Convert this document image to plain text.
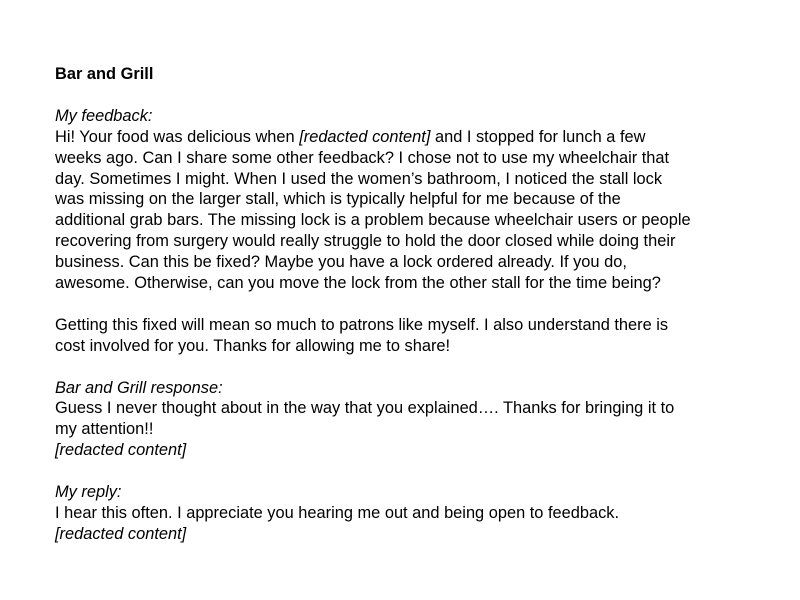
Bar and Grill
My feedback:
Hi! Your food was delicious when [redacted content] and I stopped for lunch a few
weeks ago. Can I share some other feedback? I chose not to use my wheelchair that
day. Sometimes I might. When I used the women’s bathroom, I noticed the stall lock
was missing on the larger stall, which is typically helpful for me because of the
additional grab bars. The missing lock is a problem because wheelchair users or people
recovering from surgery would really struggle to hold the door closed while doing their
business. Can this be fixed? Maybe you have a lock ordered already. If you do,
awesome. Otherwise, can you move the lock from the other stall for the time being?
Getting this fixed will mean so much to patrons like myself. I also understand there is
cost involved for you. Thanks for allowing me to share!
Bar and Grill response:
Guess I never thought about in the way that you explained…. Thanks for bringing it to
my attention!!
[redacted content]
My reply:
I hear this often. I appreciate you hearing me out and being open to feedback.
[redacted content]
